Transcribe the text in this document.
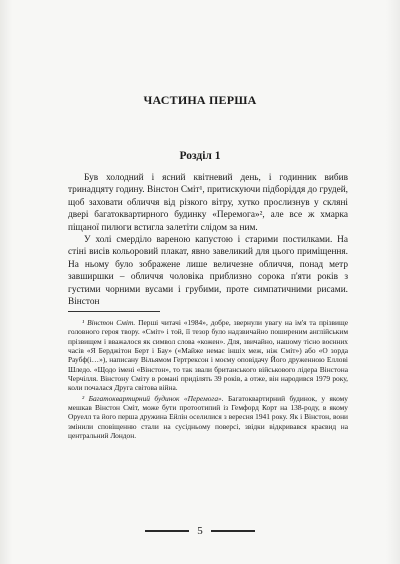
ЧАСТИНА ПЕРША
Розділ 1

Був холодний і ясний квітневий день, і годинник вибив тринадцяту годину. Вінстон Сміт¹, притискуючи підборіддя до грудей, щоб заховати обличчя від різкого вітру, хутко прослизнув у скляні двері багатоквартирного будинку «Перемога»², але все ж хмарка піщаної пилюги встигла залетіти слідом за ним.

У холі смерділо вареною капустою і старими постилками. На стіні висів кольоровий плакат, явно завеликий для цього приміщення. На ньому було зображене лише величезне обличчя, понад метр завширшки – обличчя чоловіка приблизно сорока п'яти років з густими чорними вусами і грубими, проте симпатичними рисами. Вінстон

¹ Вінстон Сміт. Перші читачі «1984», добре, звернули увагу на ім'я та прізвище головного героя твору. «Сміт» і той, її тезор було надзвичайно поширеним англійським прізвищем і вважалося як символ слова «кожен». Для, звичайно, нашому тісно воєнних часів «Я Берджітон Берт і Бау» («Майже немає іншіх меж, ніж Сміт») або «О зорда Раубф(і…»), написану Вільямом Гертрексон і моєму оповідачу Його друженною Еллові Шледо. «Щодо імені «Вінстон», то так звали британського військового лідера Вінстона Черчілля. Вінстону Сміту в романі приділять 39 років, а отже, він народився 1979 року, коли почалася Друга світова війна.

² Багатоквартирний будинок «Перемога». Багатоквартирний будинок, у якому мешкав Вінстон Сміт, може бути протоотипий із Гемфорд Корт на 138-роду, в якому Оруелл та його перша дружина Ейлін оселилися з вересня 1941 року. Як і Вінстон, вони змінили сповіщенню стали на сусідньому поверсі, звідки відкривався краєвид на центральний Лондон.

5
